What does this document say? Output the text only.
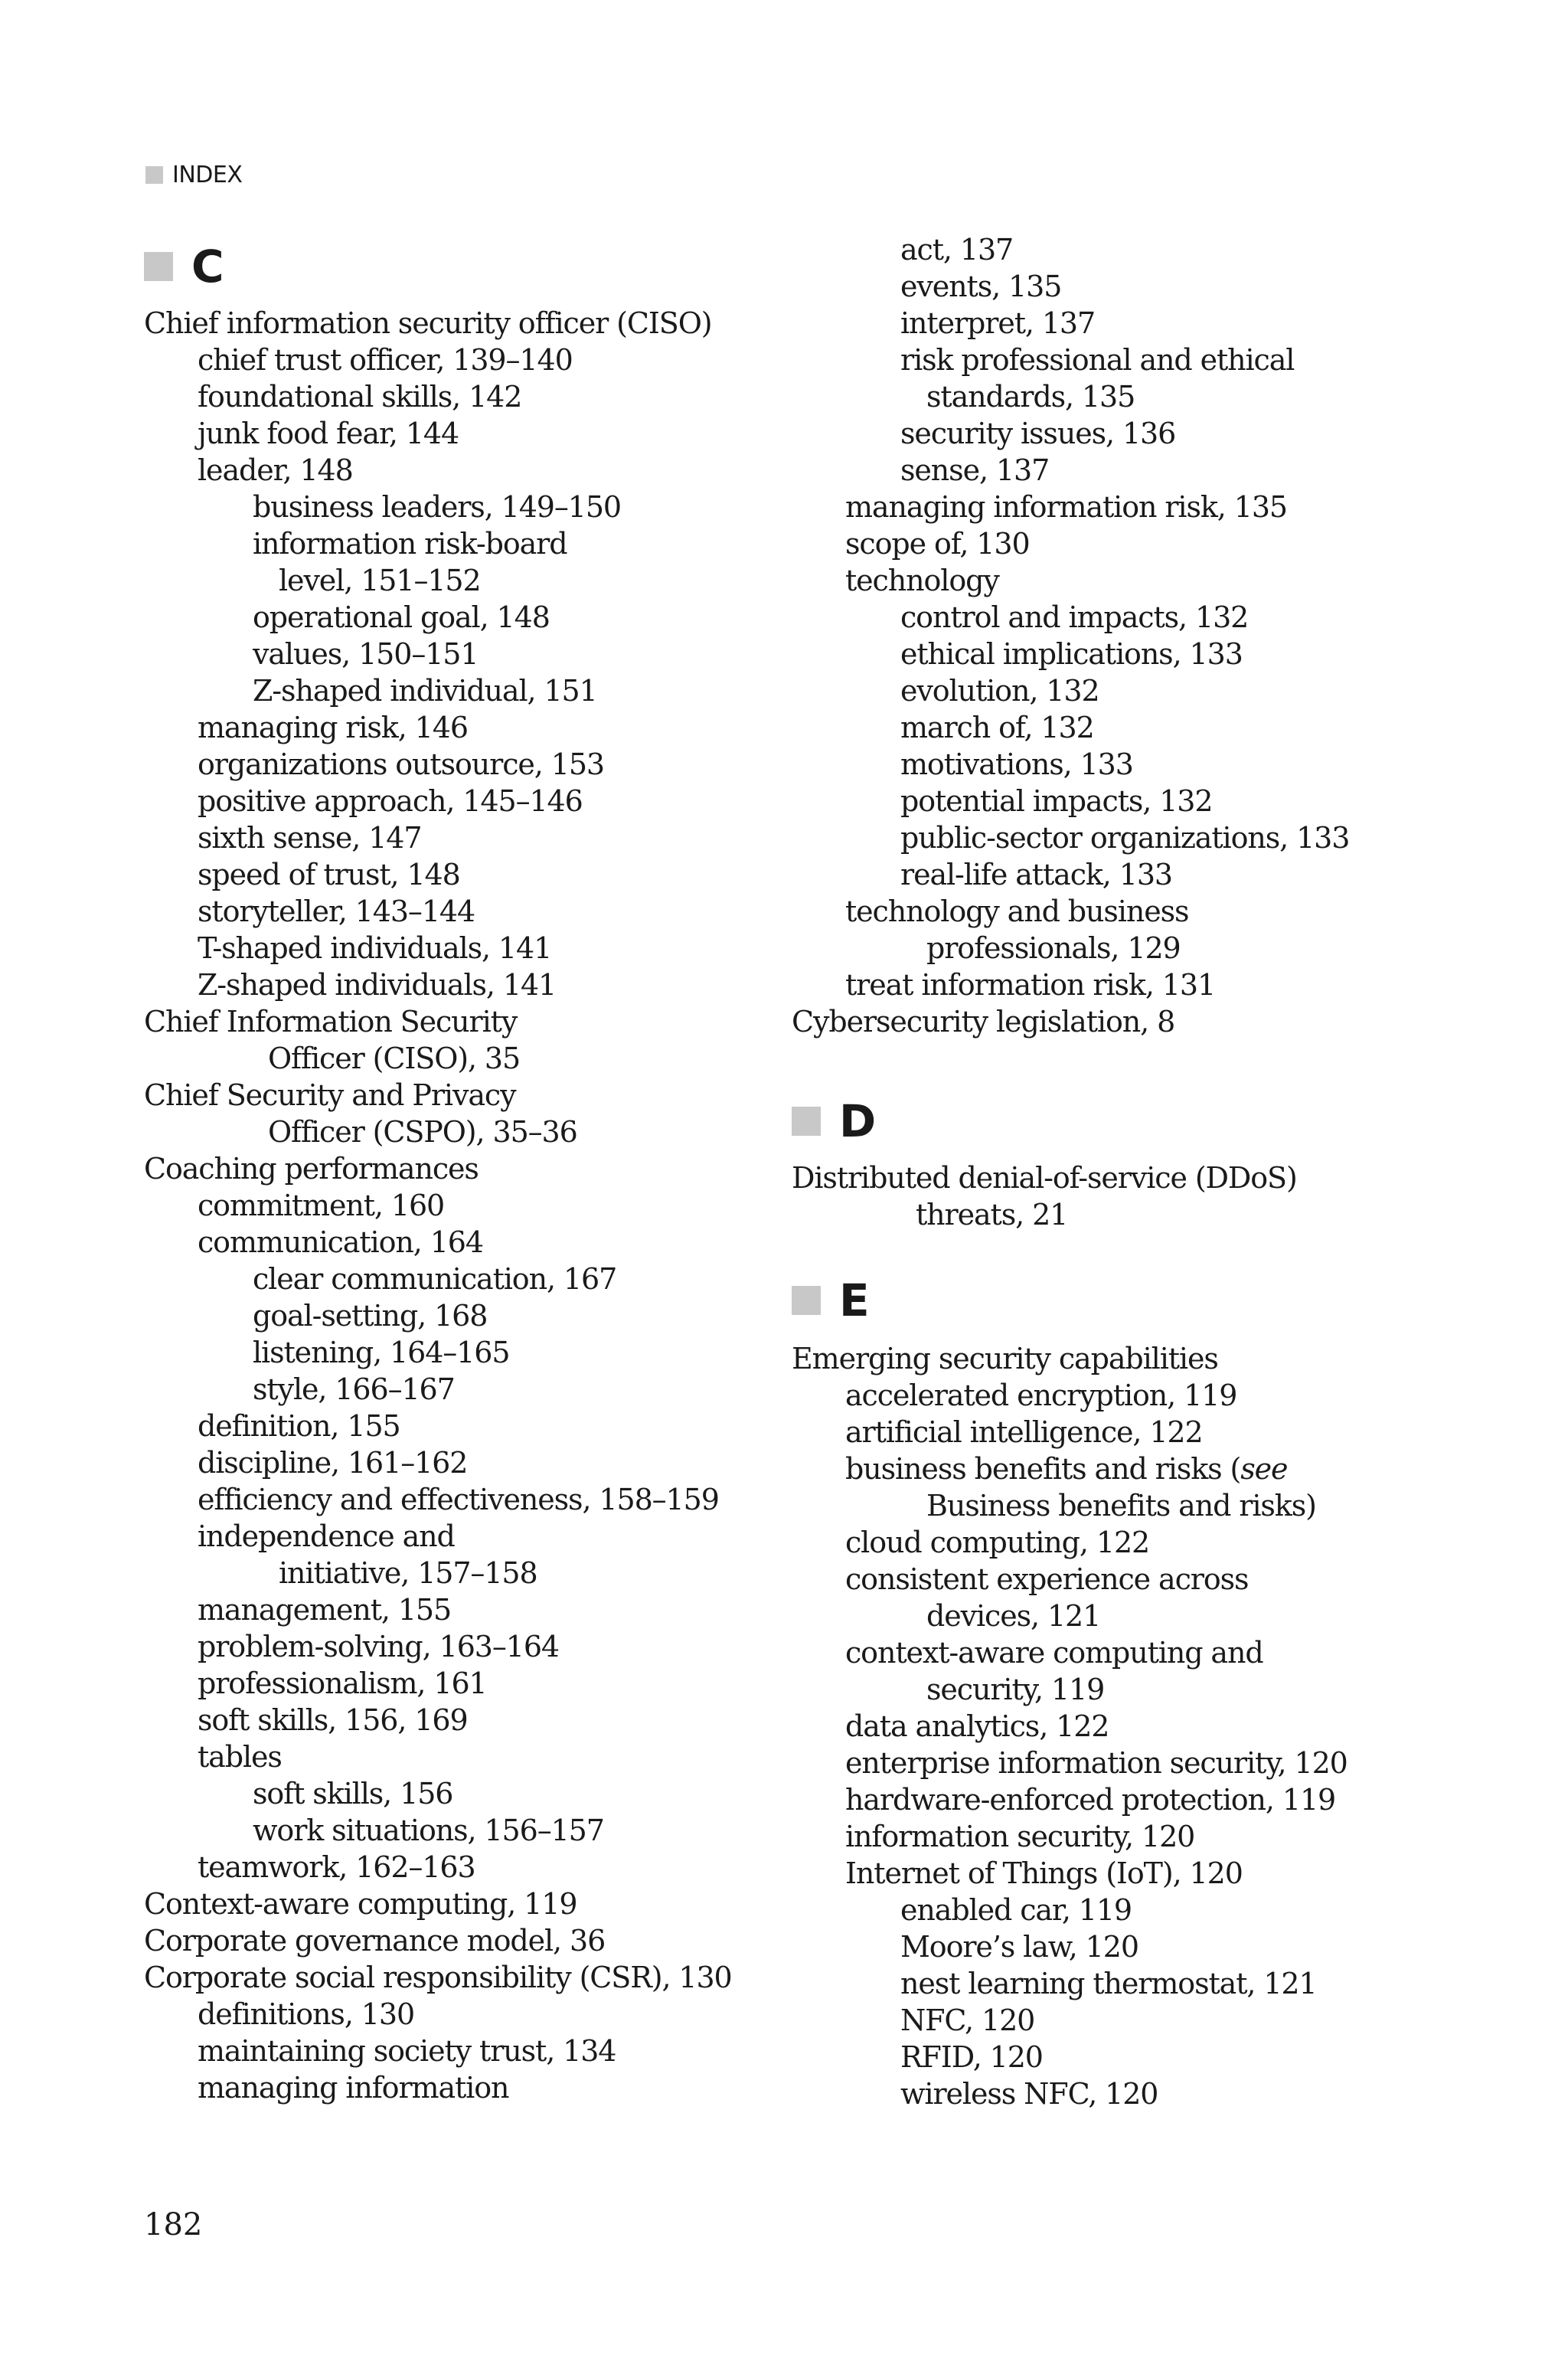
INDEX
C
Chief information security officer (CISO)
chief trust officer, 139–140
foundational skills, 142
junk food fear, 144
leader, 148
business leaders, 149–150
information risk-board
level, 151–152
operational goal, 148
values, 150–151
Z-shaped individual, 151
managing risk, 146
organizations outsource, 153
positive approach, 145–146
sixth sense, 147
speed of trust, 148
storyteller, 143–144
T-shaped individuals, 141
Z-shaped individuals, 141
Chief Information Security
Officer (CISO), 35
Chief Security and Privacy
Officer (CSPO), 35–36
Coaching performances
commitment, 160
communication, 164
clear communication, 167
goal-setting, 168
listening, 164–165
style, 166–167
definition, 155
discipline, 161–162
efficiency and effectiveness, 158–159
independence and
initiative, 157–158
management, 155
problem-solving, 163–164
professionalism, 161
soft skills, 156, 169
tables
soft skills, 156
work situations, 156–157
teamwork, 162–163
Context-aware computing, 119
Corporate governance model, 36
Corporate social responsibility (CSR), 130
definitions, 130
maintaining society trust, 134
managing information
act, 137
events, 135
interpret, 137
risk professional and ethical
standards, 135
security issues, 136
sense, 137
managing information risk, 135
scope of, 130
technology
control and impacts, 132
ethical implications, 133
evolution, 132
march of, 132
motivations, 133
potential impacts, 132
public-sector organizations, 133
real-life attack, 133
technology and business
professionals, 129
treat information risk, 131
Cybersecurity legislation, 8
D
Distributed denial-of-service (DDoS)
threats, 21
E
Emerging security capabilities
accelerated encryption, 119
artificial intelligence, 122
business benefits and risks (see
Business benefits and risks)
cloud computing, 122
consistent experience across
devices, 121
context-aware computing and
security, 119
data analytics, 122
enterprise information security, 120
hardware-enforced protection, 119
information security, 120
Internet of Things (IoT), 120
enabled car, 119
Moore’s law, 120
nest learning thermostat, 121
NFC, 120
RFID, 120
wireless NFC, 120
182
